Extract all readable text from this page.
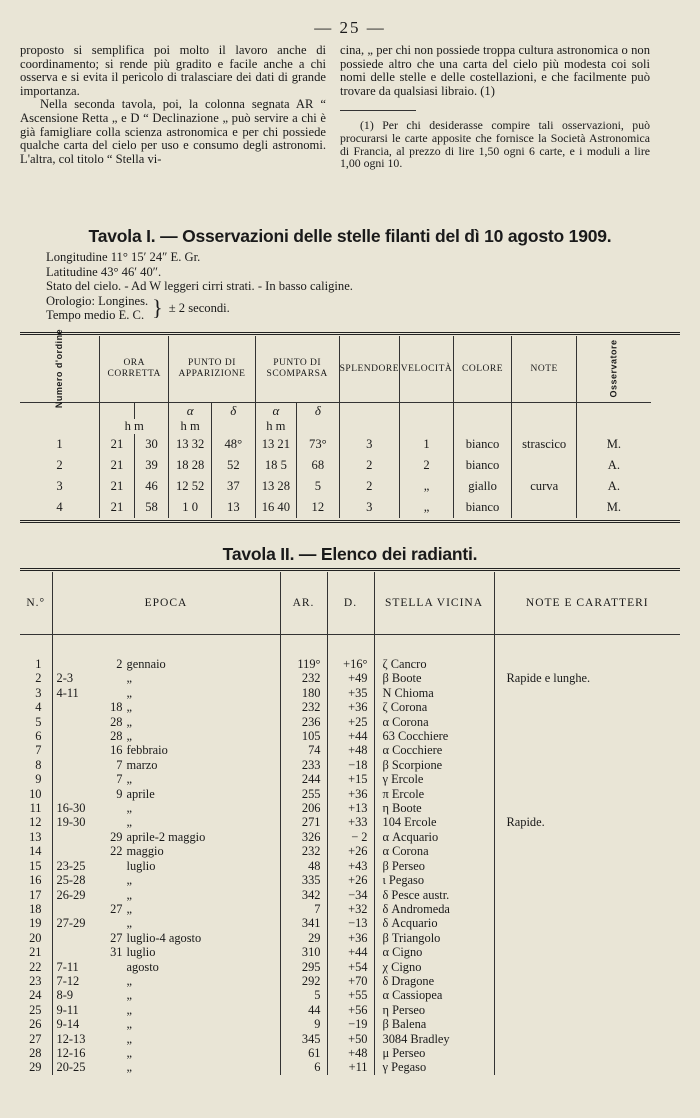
— 25 —

proposto si semplifica poi molto il lavoro anche di coordinamento; si rende più gradito e facile anche a chi osserva e si evita il pericolo di tralasciare dei dati di grande importanza.

Nella seconda tavola, poi, la colonna segnata AR “ Ascensione Retta „ e D “ Declinazione „ può servire a chi è già famigliare colla scienza astronomica e per chi possiede qualche carta del cielo per uso e consumo degli astronomi. L'altra, col titolo “ Stella vi-

cina, „ per chi non possiede troppa cultura astronomica o non possiede altro che una carta del cielo più modesta coi soli nomi delle stelle e delle costellazioni, e che facilmente può trovare da qualsiasi libraio. (1)

(1) Per chi desiderasse compire tali osservazioni, può procurarsi le carte apposite che fornisce la Società Astronomica di Francia, al prezzo di lire 1,50 ogni 6 carte, e i moduli a lire 1,00 ogni 10.

Tavola I. — Osservazioni delle stelle filanti del dì 10 agosto 1909.
Longitudine 11° 15′ 24″ E. Gr.
Latitudine 43° 46′ 40″.
Stato del cielo. - Ad W leggeri cirri strati. - In basso caligine.
Orologio: Longines.
Tempo medio E. C. } ± 2 secondi.
Numero d'ordine	ORA CORRETTA		PUNTO DI APPARIZIONE		PUNTO DI SCOMPARSA		SPLENDORE	VELOCITÀ	COLORE	NOTE	Osservatore
			α	δ	α	δ					
	h m		h m		h m						
1	21	30	13 32	48°	13 21	73°	3	1	bianco	strascico	M.
2	21	39	18 28	52	18 5	68	2	2	bianco		A.
3	21	46	12 52	37	13 28	5	2	„	giallo	curva	A.
4	21	58	1 0	13	16 40	12	3	„	bianco		M.
Tavola II. — Elenco dei radianti.
N.°	EPOCA	AR.	D.	STELLA VICINA	NOTE E CARATTERI

1	2 gennaio	119°	+16°	ζ Cancro	
2	2-3 „	232	+49	β Boote	Rapide e lunghe.
3	4-11 „	180	+35	N Chioma	
4	18 „	232	+36	ζ Corona	
5	28 „	236	+25	α Corona	
6	28 „	105	+44	63 Cocchiere	
7	16 febbraio	74	+48	α Cocchiere	
8	7 marzo	233	−18	β Scorpione	
9	7 „	244	+15	γ Ercole	
10	9 aprile	255	+36	π Ercole	
11	16-30 „	206	+13	η Boote	
12	19-30 „	271	+33	104 Ercole	Rapide.
13	29 aprile-2 maggio	326	− 2	α Acquario	
14	22 maggio	232	+26	α Corona	
15	23-25 luglio	48	+43	β Perseo	
16	25-28 „	335	+26	ι Pegaso	
17	26-29 „	342	−34	δ Pesce austr.	
18	27 „	7	+32	δ Andromeda	
19	27-29 „	341	−13	δ Acquario	
20	27 luglio-4 agosto	29	+36	β Triangolo	
21	31 luglio	310	+44	α Cigno	
22	7-11 agosto	295	+54	χ Cigno	
23	7-12 „	292	+70	δ Dragone	
24	8-9 „	5	+55	α Cassiopea	
25	9-11 „	44	+56	η Perseo	
26	9-14 „	9	−19	β Balena	
27	12-13 „	345	+50	3084 Bradley	
28	12-16 „	61	+48	μ Perseo	
29	20-25 „	6	+11	γ Pegaso	
